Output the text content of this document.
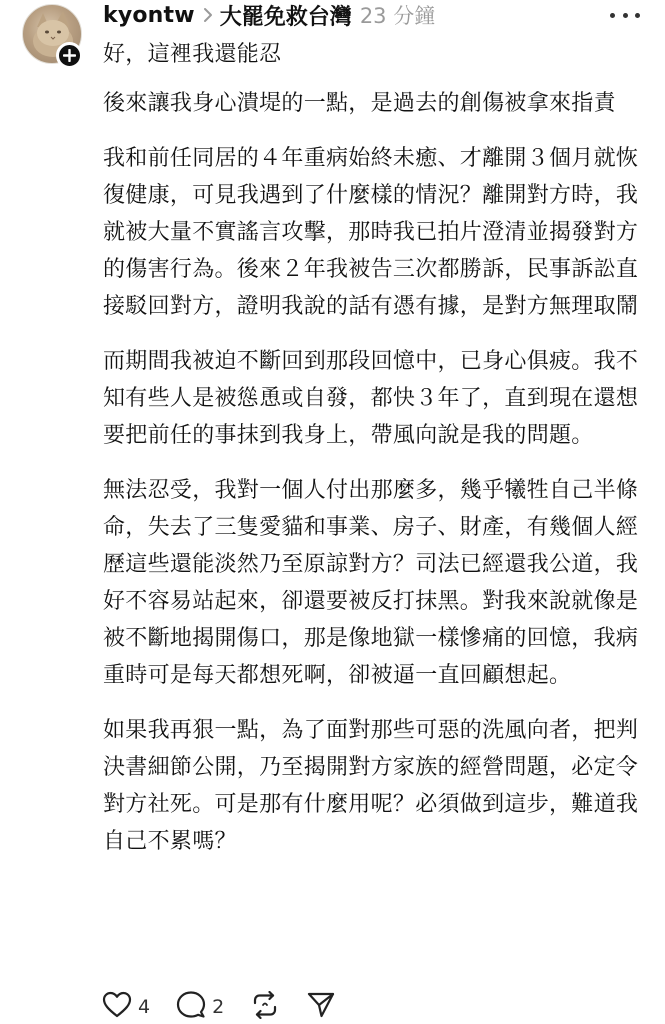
kyontw 大罷免救台灣 23 分鐘

好，這裡我還能忍

後來讓我身心潰堤的一點，是過去的創傷被拿來指責

我和前任同居的４年重病始終未癒、才離開３個月就恢復健康，可見我遇到了什麼樣的情況？離開對方時，我就被大量不實謠言攻擊，那時我已拍片澄清並揭發對方的傷害行為。後來２年我被告三次都勝訴，民事訴訟直接駁回對方，證明我說的話有憑有據，是對方無理取鬧

而期間我被迫不斷回到那段回憶中，已身心俱疲。我不知有些人是被慫恿或自發，都快３年了，直到現在還想要把前任的事抹到我身上，帶風向說是我的問題。

無法忍受，我對一個人付出那麼多，幾乎犧牲自己半條命，失去了三隻愛貓和事業、房子、財產，有幾個人經歷這些還能淡然乃至原諒對方？司法已經還我公道，我好不容易站起來，卻還要被反打抹黑。對我來說就像是被不斷地揭開傷口，那是像地獄一樣慘痛的回憶，我病重時可是每天都想死啊，卻被逼一直回顧想起。

如果我再狠一點，為了面對那些可惡的洗風向者，把判決書細節公開，乃至揭開對方家族的經營問題，必定令對方社死。可是那有什麼用呢？必須做到這步，難道我自己不累嗎？

4	2
